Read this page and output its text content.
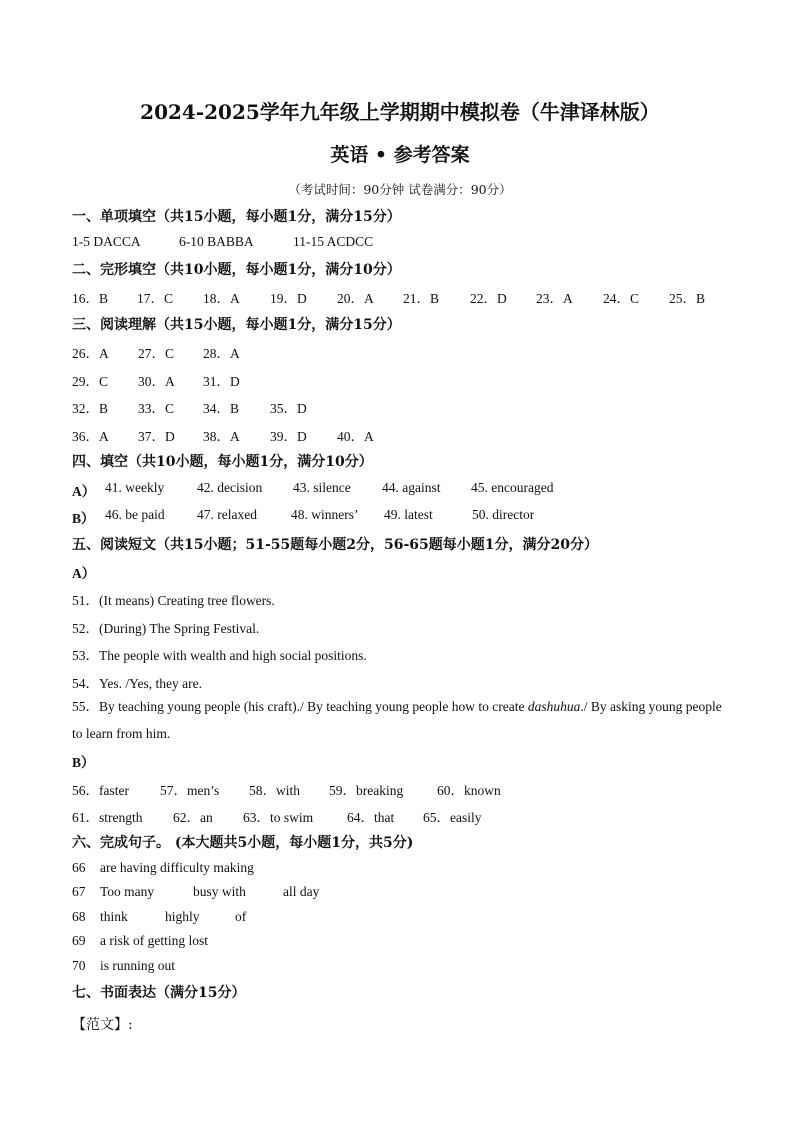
2024-2025学年九年级上学期期中模拟卷（牛津译林版）
英语 • 参考答案
（考试时间：90分钟 试卷满分：90分）
一、单项填空（共15小题，每小题1分，满分15分）
1-5 DACCA	6-10 BABBA	11-15 ACDCC
二、完形填空（共10小题，每小题1分，满分10分）
16．B 17．C 18．A 19．D 20．A 21．B 22．D 23．A 24．C 25．B
三、阅读理解（共15小题，每小题1分，满分15分）
26．A 27．C 28．A
29．C 30．A 31．D
32．B 33．C 34．B 35．D
36．A 37．D 38．A 39．D 40．A
四、填空（共10小题，每小题1分，满分10分）
A） 41. weekly 42. decision 43. silence 44. against 45. encouraged
B） 46. be paid 47. relaxed	48. winners’ 49. latest	50. director
五、阅读短文（共15小题；51-55题每小题2分，56-65题每小题1分，满分20分）
A）
51．(It means) Creating tree flowers.
52．(During) The Spring Festival.
53．The people with wealth and high social positions.
54．Yes. /Yes, they are.
55．By teaching young people (his craft)./ By teaching young people how to create dashuhua./ By asking young people to learn from him.
B）
56．faster 57．men’s 58．with 59．breaking	60．known
61．strength 62．an 63．to swim	64．that 65．easily
六、完成句子。 (本大题共5小题，每小题1分，共5分)
66 are having difficulty making
67 Too many	busy with	all day
68 think	highly	of
69 a risk of getting lost
70 is running out
七、书面表达（满分15分）
【范文】:
